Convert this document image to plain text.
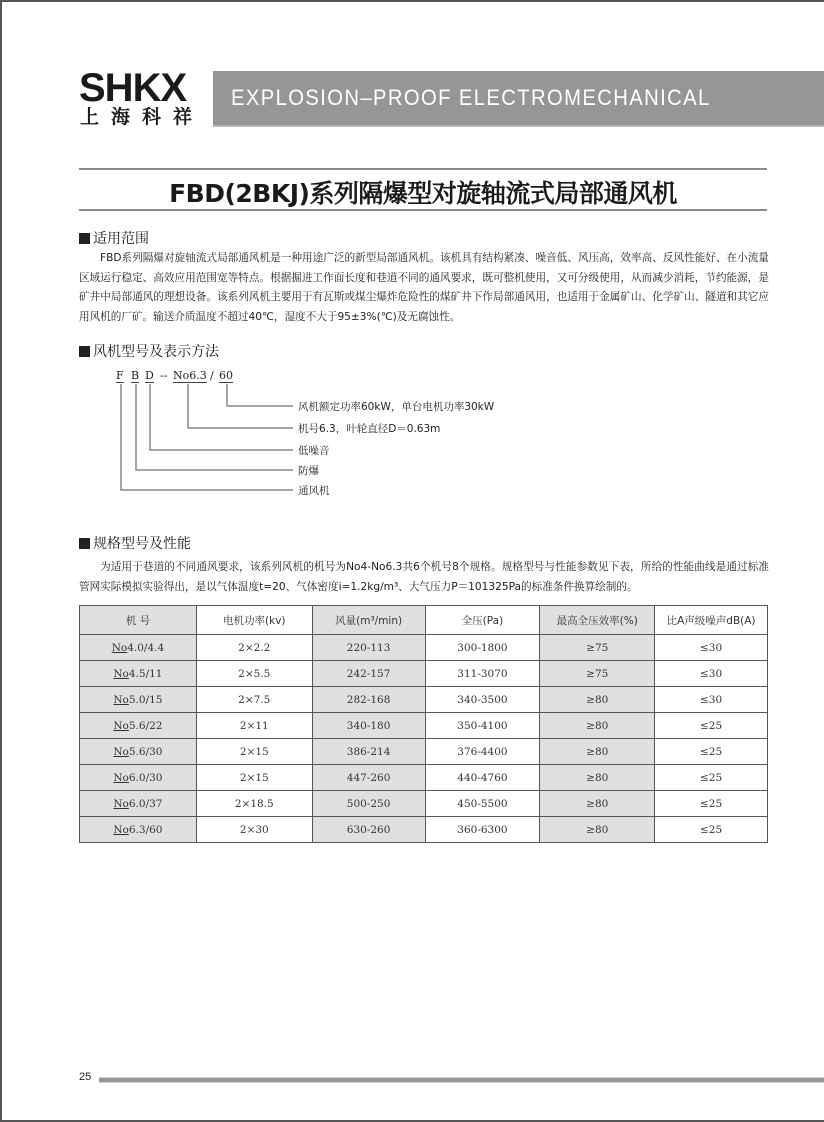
SHKX
上海科祥
EXPLOSION–PROOF ELECTROMECHANICAL
FBD(2BKJ)系列隔爆型对旋轴流式局部通风机
适用范围
FBD系列隔爆对旋轴流式局部通风机是一种用途广泛的新型局部通风机。该机具有结构紧凑、噪音低、风压高，效率高、反风性能好、在小流量区域运行稳定、高效应用范围宽等特点。根据掘进工作面长度和巷道不同的通风要求，既可整机使用，又可分级使用，从而减少消耗，节约能源，是矿井中局部通风的理想设备。该系列风机主要用于有瓦斯或煤尘爆炸危险性的煤矿井下作局部通风用，也适用于金属矿山、化学矿山、隧道和其它应用风机的厂矿。输送介质温度不超过40℃，湿度不大于95±3%(℃)及无腐蚀性。
风机型号及表示方法
F B D -- No6.3 / 60
风机额定功率60kW，单台电机功率30kW
机号6.3，叶轮直径D＝0.63m
低噪音
防爆
通风机
规格型号及性能
为适用于巷道的不同通风要求，该系列风机的机号为No4-No6.3共6个机号8个规格。规格型号与性能参数见下表，所给的性能曲线是通过标准管网实际模拟实验得出，是以气体温度t=20、气体密度i=1.2kg/m³、大气压力P＝101325Pa的标准条件换算绘制的。
机 号	电机功率(kv)	风量(m³/min)	全压(Pa)	最高全压效率(%)	比A声级噪声dB(A)
No4.0/4.4	2×2.2	220-113	300-1800	≥75	≤30
No4.5/11	2×5.5	242-157	311-3070	≥75	≤30
No5.0/15	2×7.5	282-168	340-3500	≥80	≤30
No5.6/22	2×11	340-180	350-4100	≥80	≤25
No5.6/30	2×15	386-214	376-4400	≥80	≤25
No6.0/30	2×15	447-260	440-4760	≥80	≤25
No6.0/37	2×18.5	500-250	450-5500	≥80	≤25
No6.3/60	2×30	630-260	360-6300	≥80	≤25
25
